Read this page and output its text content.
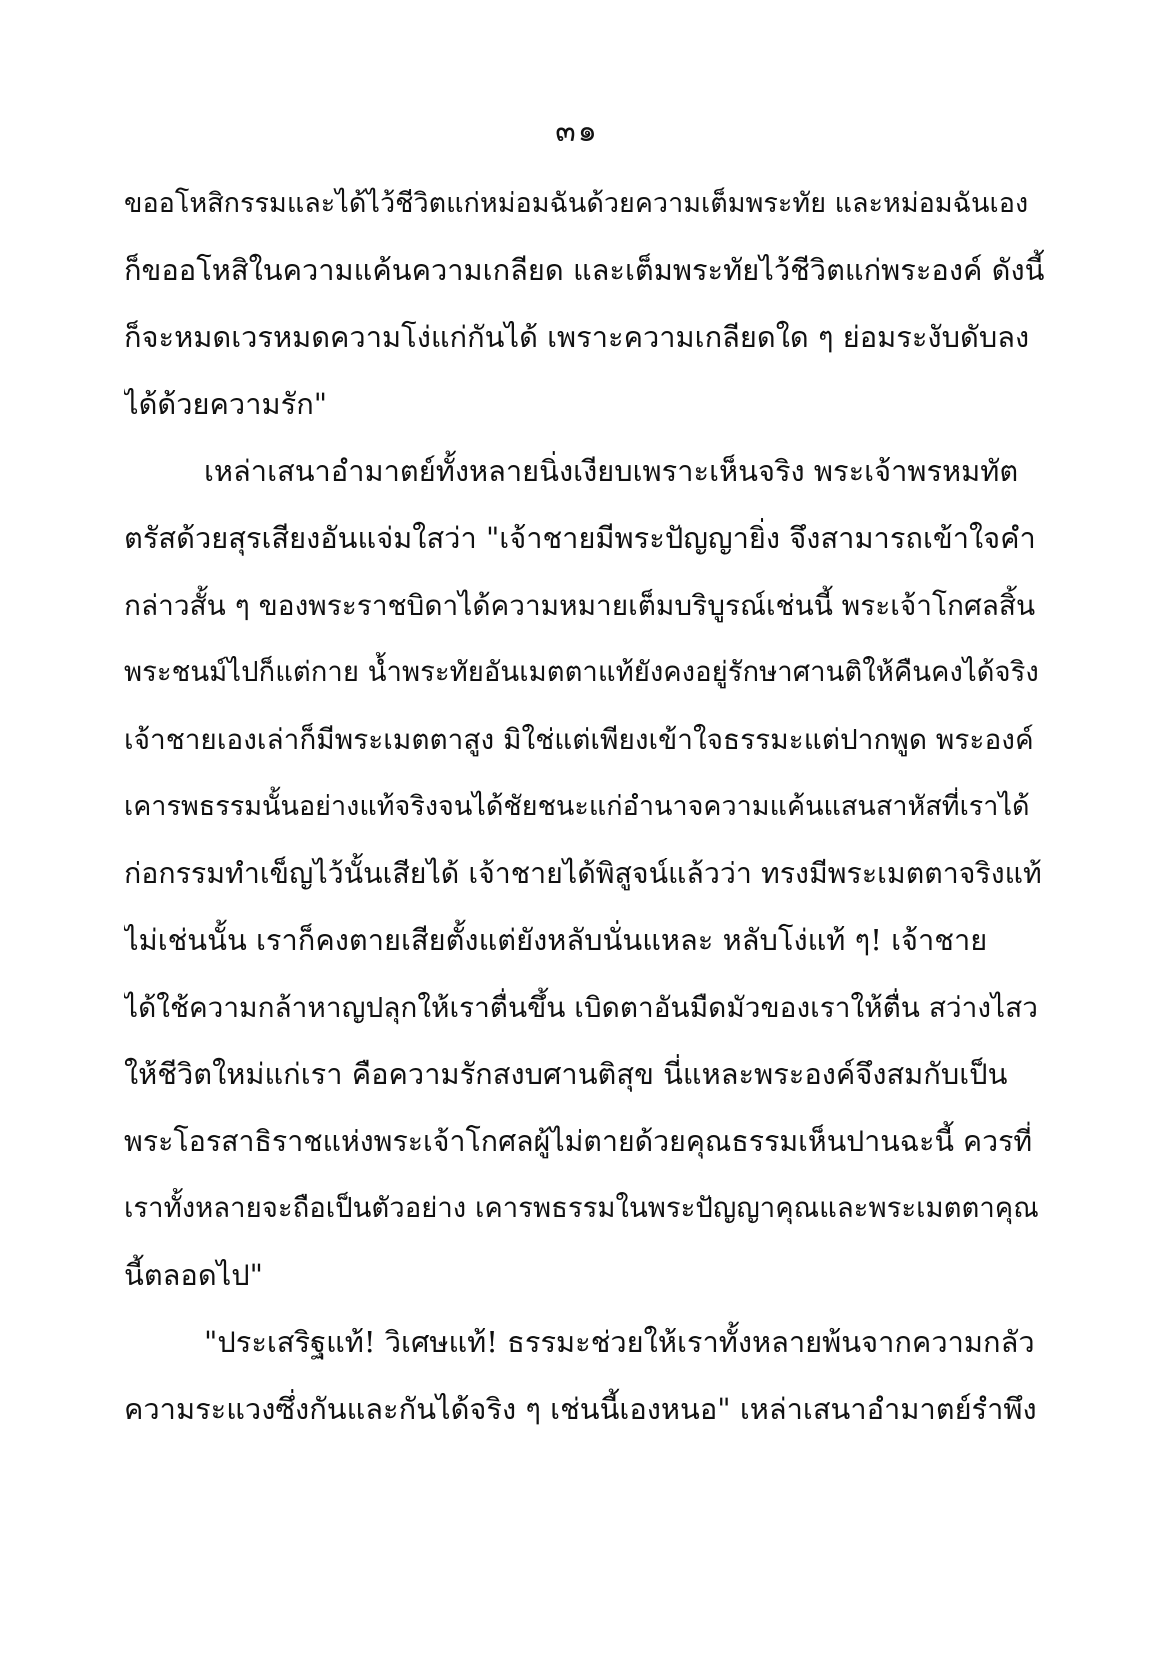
๓๑
ขออโหสิกรรมและได้ไว้ชีวิตแก่หม่อมฉันด้วยความเต็มพระทัย และหม่อมฉันเอง
ก็ขออโหสิในความแค้นความเกลียด และเต็มพระทัยไว้ชีวิตแก่พระองค์ ดังนี้
ก็จะหมดเวรหมดความโง่แก่กันได้ เพราะความเกลียดใด ๆ ย่อมระงับดับลง
ได้ด้วยความรัก"
เหล่าเสนาอำมาตย์ทั้งหลายนิ่งเงียบเพราะเห็นจริง พระเจ้าพรหมทัต
ตรัสด้วยสุรเสียงอันแจ่มใสว่า "เจ้าชายมีพระปัญญายิ่ง จึงสามารถเข้าใจคำ
กล่าวสั้น ๆ ของพระราชบิดาได้ความหมายเต็มบริบูรณ์เช่นนี้ พระเจ้าโกศลสิ้น
พระชนม์ไปก็แต่กาย น้ำพระทัยอันเมตตาแท้ยังคงอยู่รักษาศานติให้คืนคงได้จริง
เจ้าชายเองเล่าก็มีพระเมตตาสูง มิใช่แต่เพียงเข้าใจธรรมะแต่ปากพูด พระองค์
เคารพธรรมนั้นอย่างแท้จริงจนได้ชัยชนะแก่อำนาจความแค้นแสนสาหัสที่เราได้
ก่อกรรมทำเข็ญไว้นั้นเสียได้ เจ้าชายได้พิสูจน์แล้วว่า ทรงมีพระเมตตาจริงแท้
ไม่เช่นนั้น เราก็คงตายเสียตั้งแต่ยังหลับนั่นแหละ หลับโง่แท้ ๆ! เจ้าชาย
ได้ใช้ความกล้าหาญปลุกให้เราตื่นขึ้น เบิดตาอันมืดมัวของเราให้ตื่น สว่างไสว
ให้ชีวิตใหม่แก่เรา คือความรักสงบศานติสุข นี่แหละพระองค์จึงสมกับเป็น
พระโอรสาธิราชแห่งพระเจ้าโกศลผู้ไม่ตายด้วยคุณธรรมเห็นปานฉะนี้ ควรที่
เราทั้งหลายจะถือเป็นตัวอย่าง เคารพธรรมในพระปัญญาคุณและพระเมตตาคุณ
นี้ตลอดไป"
"ประเสริฐแท้! วิเศษแท้! ธรรมะช่วยให้เราทั้งหลายพ้นจากความกลัว
ความระแวงซึ่งกันและกันได้จริง ๆ เช่นนี้เองหนอ" เหล่าเสนาอำมาตย์รำพึง
